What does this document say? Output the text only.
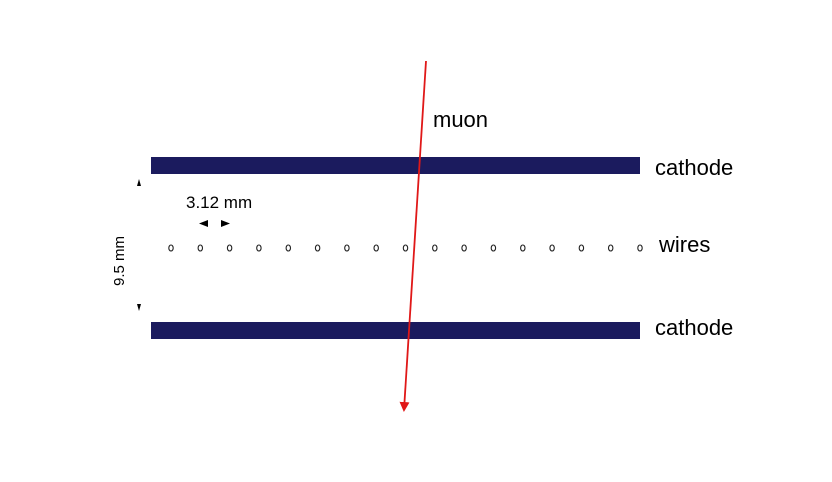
muon
cathode
wires
cathode
3.12 mm
9.5 mm
